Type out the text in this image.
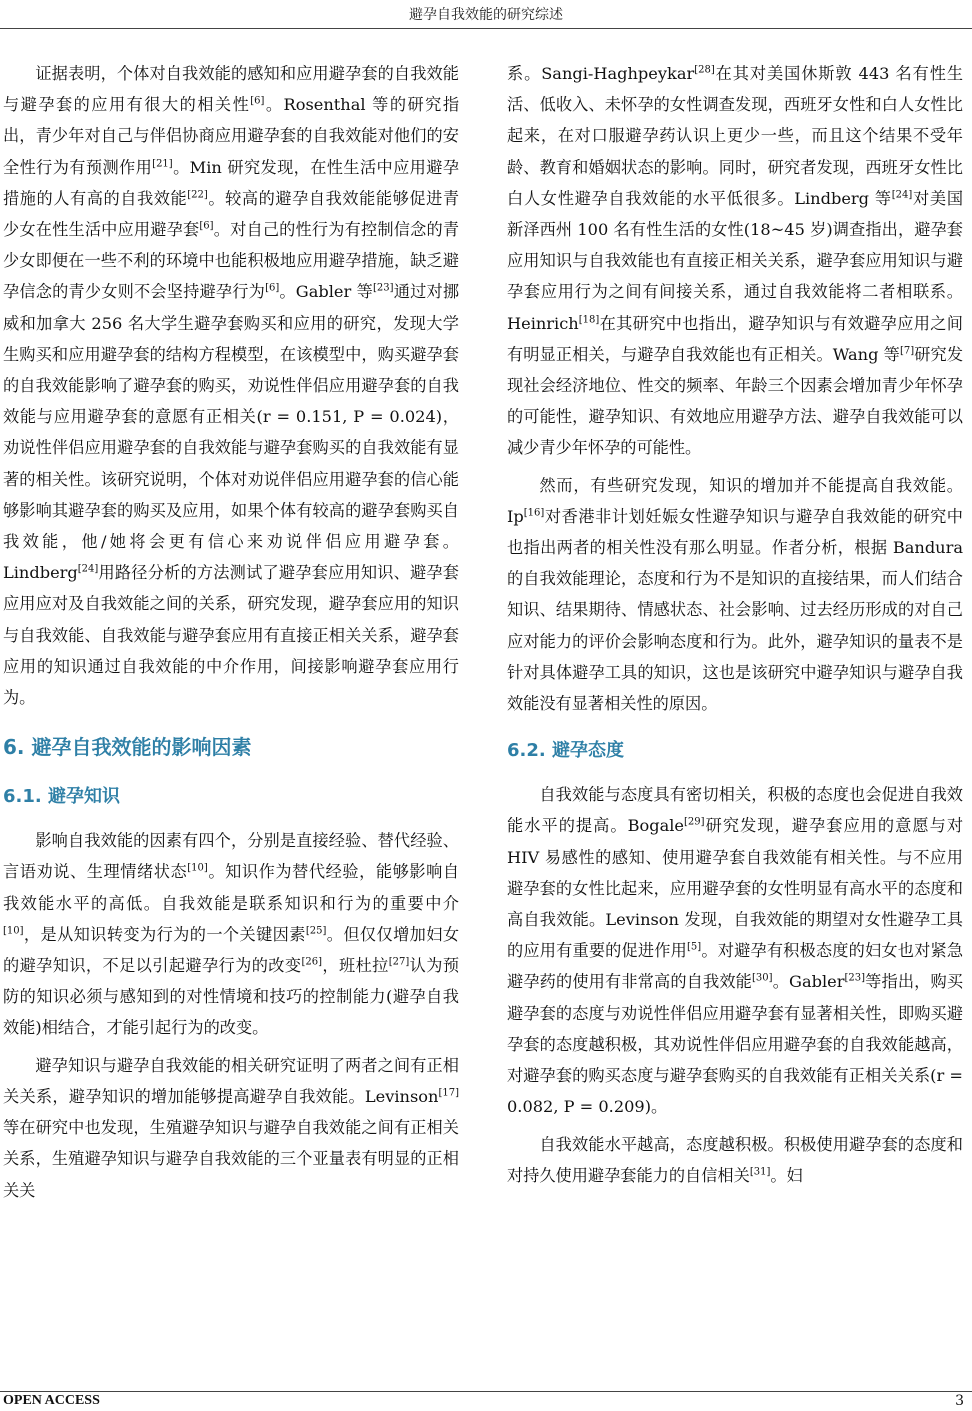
避孕自我效能的研究综述

证据表明，个体对自我效能的感知和应用避孕套的自我效能与避孕套的应用有很大的相关性[6]。Rosenthal 等的研究指出，青少年对自己与伴侣协商应用避孕套的自我效能对他们的安全性行为有预测作用[21]。Min 研究发现，在性生活中应用避孕措施的人有高的自我效能[22]。较高的避孕自我效能能够促进青少女在性生活中应用避孕套[6]。对自己的性行为有控制信念的青少女即便在一些不利的环境中也能积极地应用避孕措施，缺乏避孕信念的青少女则不会坚持避孕行为[6]。Gabler 等[23]通过对挪威和加拿大 256 名大学生避孕套购买和应用的研究，发现大学生购买和应用避孕套的结构方程模型，在该模型中，购买避孕套的自我效能影响了避孕套的购买，劝说性伴侣应用避孕套的自我效能与应用避孕套的意愿有正相关(r = 0.151, P = 0.024)，劝说性伴侣应用避孕套的自我效能与避孕套购买的自我效能有显著的相关性。该研究说明，个体对劝说伴侣应用避孕套的信心能够影响其避孕套的购买及应用，如果个体有较高的避孕套购买自我效能，他/她将会更有信心来劝说伴侣应用避孕套。Lindberg[24]用路径分析的方法测试了避孕套应用知识、避孕套应用应对及自我效能之间的关系，研究发现，避孕套应用的知识与自我效能、自我效能与避孕套应用有直接正相关关系，避孕套应用的知识通过自我效能的中介作用，间接影响避孕套应用行为。

6. 避孕自我效能的影响因素
6.1. 避孕知识

影响自我效能的因素有四个，分别是直接经验、替代经验、言语劝说、生理情绪状态[10]。知识作为替代经验，能够影响自我效能水平的高低。自我效能是联系知识和行为的重要中介[10]，是从知识转变为行为的一个关键因素[25]。但仅仅增加妇女的避孕知识，不足以引起避孕行为的改变[26]，班杜拉[27]认为预防的知识必须与感知到的对性情境和技巧的控制能力(避孕自我效能)相结合，才能引起行为的改变。

避孕知识与避孕自我效能的相关研究证明了两者之间有正相关关系，避孕知识的增加能够提高避孕自我效能。Levinson[17]等在研究中也发现，生殖避孕知识与避孕自我效能之间有正相关关系，生殖避孕知识与避孕自我效能的三个亚量表有明显的正相关关

系。Sangi-Haghpeykar[28]在其对美国休斯敦 443 名有性生活、低收入、未怀孕的女性调查发现，西班牙女性和白人女性比起来，在对口服避孕药认识上更少一些，而且这个结果不受年龄、教育和婚姻状态的影响。同时，研究者发现，西班牙女性比白人女性避孕自我效能的水平低很多。Lindberg 等[24]对美国新泽西州 100 名有性生活的女性(18~45 岁)调查指出，避孕套应用知识与自我效能也有直接正相关关系，避孕套应用知识与避孕套应用行为之间有间接关系，通过自我效能将二者相联系。Heinrich[18]在其研究中也指出，避孕知识与有效避孕应用之间有明显正相关，与避孕自我效能也有正相关。Wang 等[7]研究发现社会经济地位、性交的频率、年龄三个因素会增加青少年怀孕的可能性，避孕知识、有效地应用避孕方法、避孕自我效能可以减少青少年怀孕的可能性。

然而，有些研究发现，知识的增加并不能提高自我效能。Ip[16]对香港非计划妊娠女性避孕知识与避孕自我效能的研究中也指出两者的相关性没有那么明显。作者分析，根据 Bandura 的自我效能理论，态度和行为不是知识的直接结果，而人们结合知识、结果期待、情感状态、社会影响、过去经历形成的对自己应对能力的评价会影响态度和行为。此外，避孕知识的量表不是针对具体避孕工具的知识，这也是该研究中避孕知识与避孕自我效能没有显著相关性的原因。

6.2. 避孕态度

自我效能与态度具有密切相关，积极的态度也会促进自我效能水平的提高。Bogale[29]研究发现，避孕套应用的意愿与对 HIV 易感性的感知、使用避孕套自我效能有相关性。与不应用避孕套的女性比起来，应用避孕套的女性明显有高水平的态度和高自我效能。Levinson 发现，自我效能的期望对女性避孕工具的应用有重要的促进作用[5]。对避孕有积极态度的妇女也对紧急避孕药的使用有非常高的自我效能[30]。Gabler[23]等指出，购买避孕套的态度与劝说性伴侣应用避孕套有显著相关性，即购买避孕套的态度越积极，其劝说性伴侣应用避孕套的自我效能越高，对避孕套的购买态度与避孕套购买的自我效能有正相关关系(r = 0.082, P = 0.209)。

自我效能水平越高，态度越积极。积极使用避孕套的态度和对持久使用避孕套能力的自信相关[31]。妇

OPEN ACCESS	3
